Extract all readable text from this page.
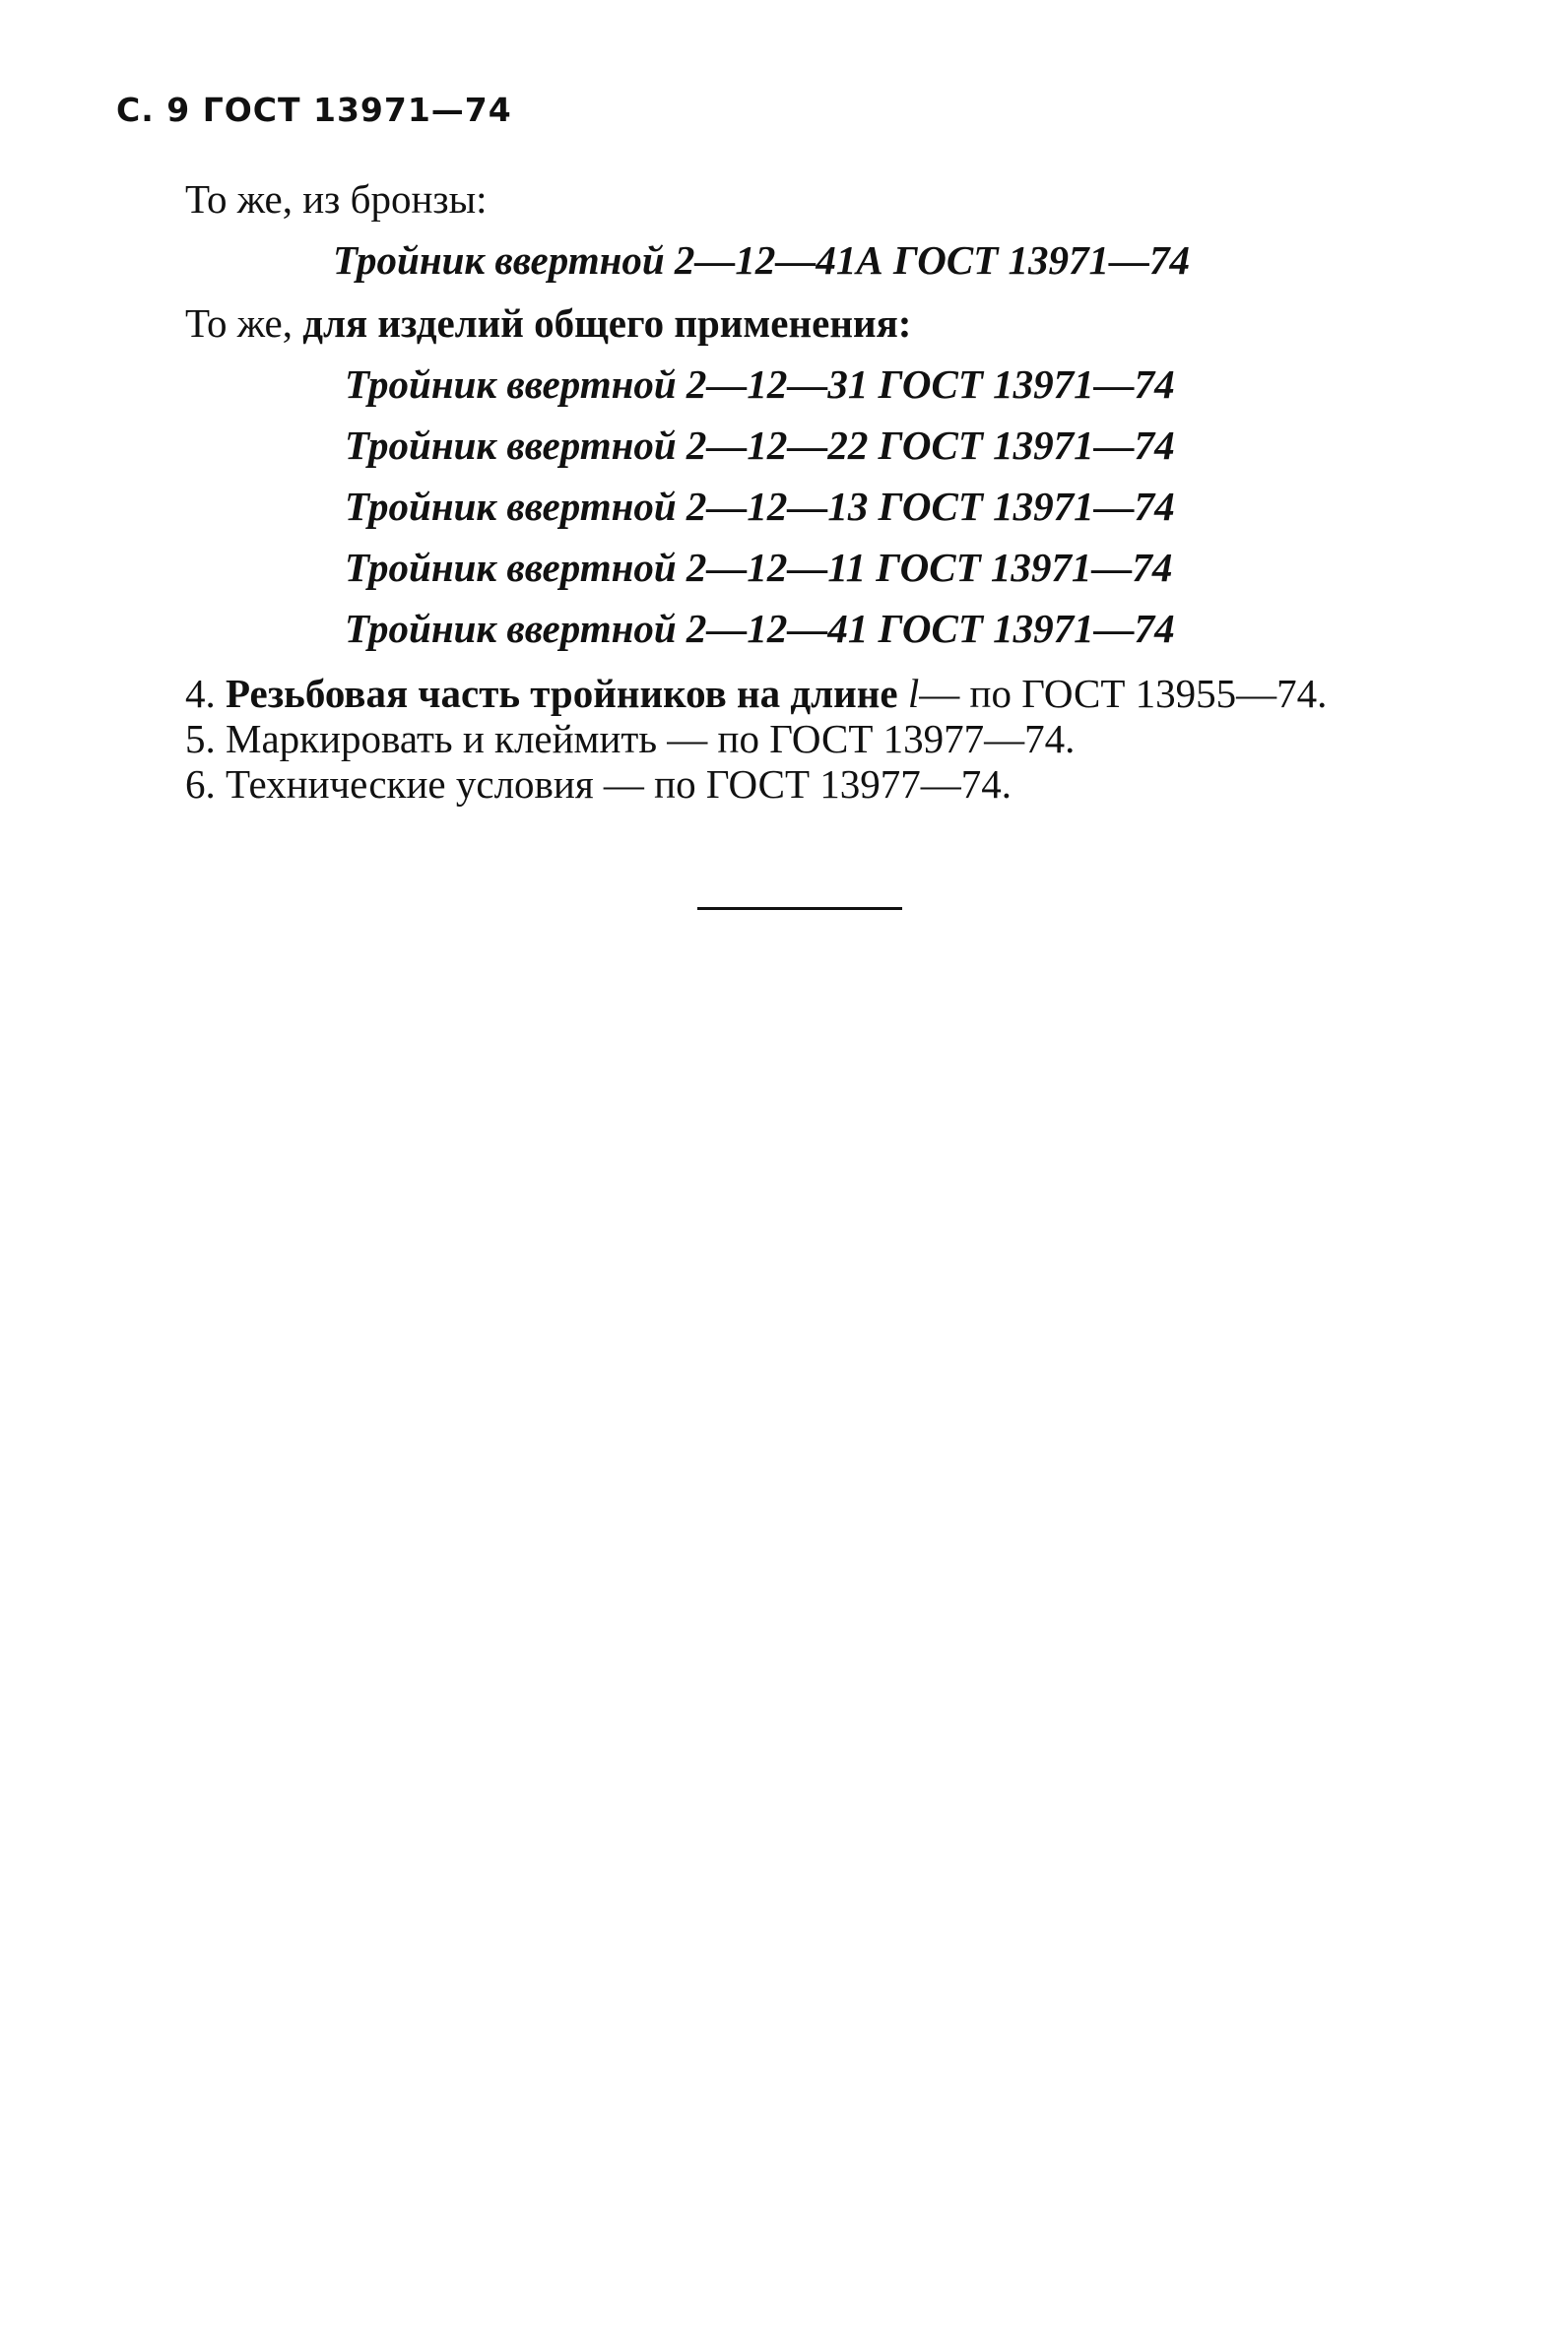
С. 9 ГОСТ 13971—74
То же, из бронзы:
Тройник ввертной 2—12—41А ГОСТ 13971—74
То же, для изделий общего применения:
Тройник ввертной 2—12—31 ГОСТ 13971—74
Тройник ввертной 2—12—22 ГОСТ 13971—74
Тройник ввертной 2—12—13 ГОСТ 13971—74
Тройник ввертной 2—12—11 ГОСТ 13971—74
Тройник ввертной 2—12—41 ГОСТ 13971—74
4. Резьбовая часть тройников на длине l— по ГОСТ 13955—74.
5. Маркировать и клеймить — по ГОСТ 13977—74.
6. Технические условия — по ГОСТ 13977—74.
